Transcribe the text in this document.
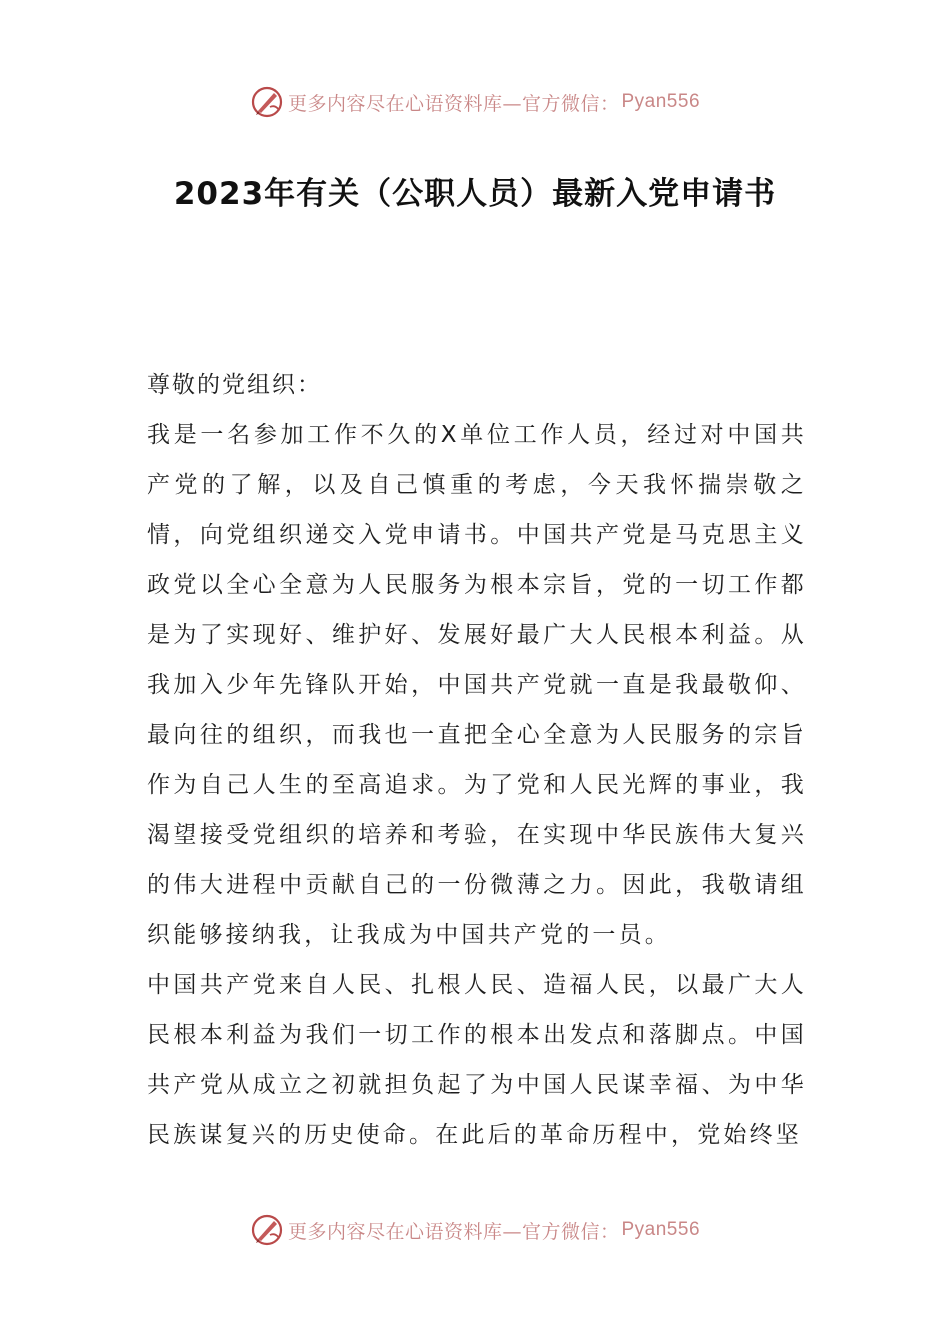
更多内容尽在心语资料库—官方微信： Pyan556
2023年有关（公职人员）最新入党申请书

尊敬的党组织：

我是一名参加工作不久的X单位工作人员，经过对中国共产党的了解，以及自己慎重的考虑，今天我怀揣崇敬之情，向党组织递交入党申请书。中国共产党是马克思主义政党以全心全意为人民服务为根本宗旨，党的一切工作都是为了实现好、维护好、发展好最广大人民根本利益。从我加入少年先锋队开始，中国共产党就一直是我最敬仰、最向往的组织，而我也一直把全心全意为人民服务的宗旨作为自己人生的至高追求。为了党和人民光辉的事业，我渴望接受党组织的培养和考验，在实现中华民族伟大复兴的伟大进程中贡献自己的一份微薄之力。因此，我敬请组织能够接纳我，让我成为中国共产党的一员。

中国共产党来自人民、扎根人民、造福人民，以最广大人民根本利益为我们一切工作的根本出发点和落脚点。中国共产党从成立之初就担负起了为中国人民谋幸福、为中华民族谋复兴的历史使命。在此后的革命历程中，党始终坚

更多内容尽在心语资料库—官方微信： Pyan556
